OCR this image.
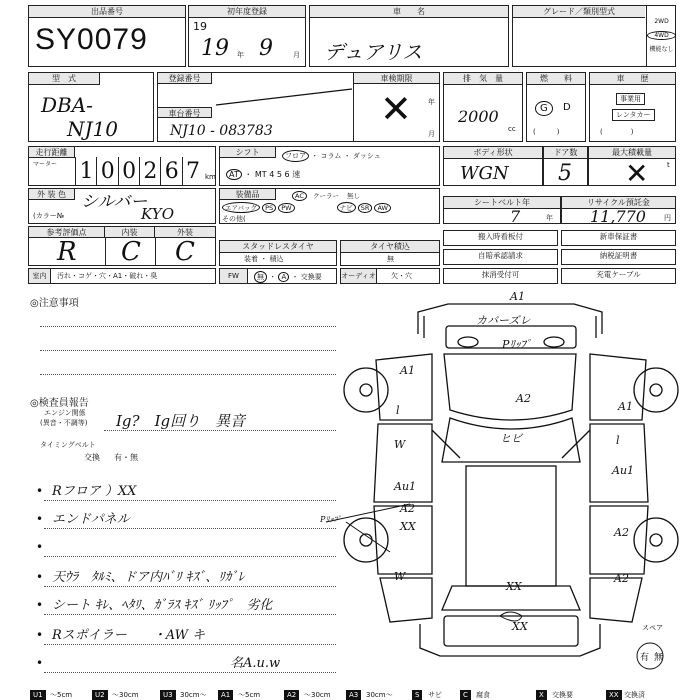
出品番号
SY0079
初年度登録
19
年	月
19 9
車　　名
デュアリス
グレード／類別型式
2WD
4WD
機能なし
型　式
DBA-
NJ10
登録番号
車台番号
車検期限
年
月
✕
NJ10 - 083783
排　気　量
2000
cc
燃　　料
G	D
(　　　)
車　　歴
事業用
レンタカー
(　　　　)
走行距離
マーター
km
1 0 0 2 6 7
シフト	フロア ・ コラム ・ ダッシュ
AT ・ MT 4 5 6 速
ボディ形状
WGN
ドア数
5
最大積載量
✕	t
外 装 色 シルバー
(カラー№	KYO
装備品	AC クーラー 無し
エアバッグ PS PW	ナビ SR AW
その他(
シートベルト年
7	年
リサイクル預託金
11,770	円
参考評価点	内装	外装
R C C	スタッドレスタイヤ
装着 ・ 積込
タイヤ積込
無
室内	汚れ・コゲ・穴・A1・破れ・臭	FW	無 ・ A ・ 交換要	オーディオ 欠・穴
搬入時看板付	新車保証書
自賠承認請求	納税証明書
抹消受付可	充電ケーブル
◎注意事項
◎検査員報告
エンジン関係
(異音・不調等) Ig?　Ig回り　異音
タイミングベルト
交換 有・無
• Rフロア ）XX
• エンドパネル
•
• 天ｳﾗ　ﾀﾙﾐ、ドア内ﾊﾞﾘ ｷｽﾞ、ﾘｶﾞﾚ
• シート ｷﾚ、ﾍﾀﾘ、ｶﾞﾗｽ ｷｽﾞ ﾘｯﾌﾟ　劣化
• Rスポイラー　　・AW キ
•	名A.u.w
A1
カバーズレ
Pﾘｯﾌﾟ
A2
ヒビ
A1
l
W
Au1
A2
XX
XX
W
XX
A1
l
Au1
A2
A2
Pﾘｯﾌﾟ
スペア
有 無
U1	～5cm	U2	～30cm	U3	30cm～	A1	～5cm	A2	～30cm	A3	30cm～	S	サビ	C	腐食	X	交換要	XX 交換済
